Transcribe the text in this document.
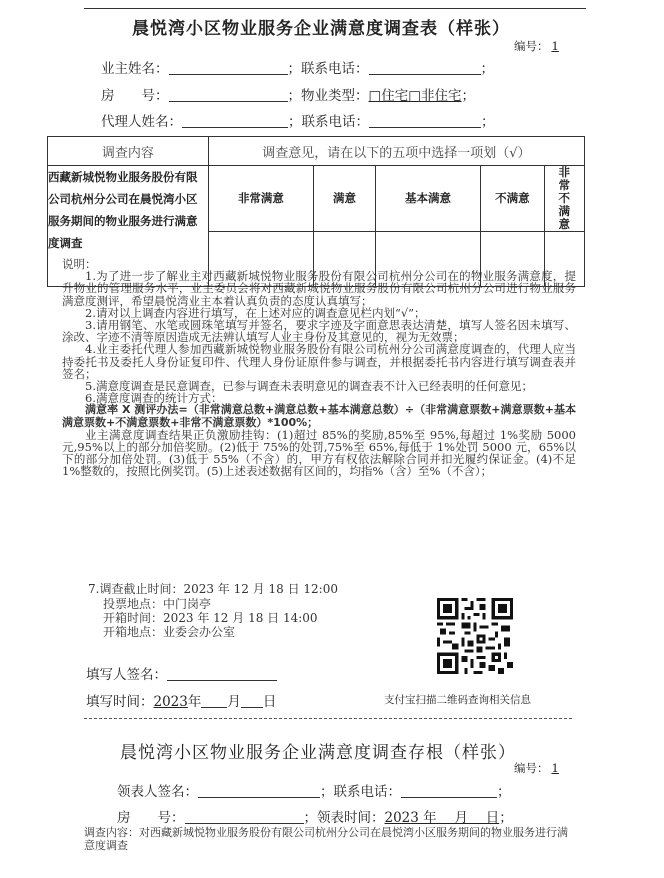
晨悦湾小区物业服务企业满意度调查表（样张）
编号： 1
业主姓名：	；联系电话：	；
房　　号：	；物业类型：□住宅□非住宅；
代理人姓名：	；联系电话：	；
调查内容	调查意见，请在以下的五项中选择一项划（√）				
西藏新城悦物业服务股份有限公司杭州分公司在晨悦湾小区服务期间的物业服务进行满意度调查	非常满意	满意	基本满意	不满意	非常不满意

说明：

1.为了进一步了解业主对西藏新城悦物业服务股份有限公司杭州分公司在的物业服务满意度，提升物业的管理服务水平，业主委员会将对西藏新城悦物业服务股份有限公司杭州分公司进行物业服务满意度测评，希望晨悦湾业主本着认真负责的态度认真填写；

2.请对以上调查内容进行填写，在上述对应的调查意见栏内划“√”；

3.请用钢笔、水笔或圆珠笔填写并签名，要求字迹及字面意思表达清楚，填写人签名因未填写、涂改、字迹不清等原因造成无法辨认填写人业主身份及其意见的，视为无效票；

4.业主委托代理人参加西藏新城悦物业服务股份有限公司杭州分公司满意度调查的，代理人应当持委托书及委托人身份证复印件、代理人身份证原件参与调查，并根据委托书内容进行填写调查表并签名；

5.满意度调查是民意调查，已参与调查未表明意见的调查表不计入已经表明的任何意见；

6.满意度调查的统计方式：

满意率 X 测评办法=（非常满意总数+满意总数+基本满意总数）÷（非常满意票数+满意票数+基本满意票数+不满意票数+非常不满意票数）*100%；

业主满意度调查结果正负激励挂钩：(1)超过 85%的奖励,85%至 95%,每超过 1%奖励 5000 元,95%以上的部分加倍奖励。(2)低于 75%的处罚,75%至 65%,每低于 1%处罚 5000 元，65%以下的部分加倍处罚。(3)低于 55%（不含）的，甲方有权依法解除合同并扣光履约保证金。(4)不足 1%整数的，按照比例奖罚。(5)上述表述数据有区间的，均指%（含）至%（不含）；

7.调查截止时间：2023 年 12 月 18 日 12:00
投票地点：中门岗亭
开箱时间：2023 年 12 月 18 日 14:00
开箱地点：业委会办公室
填写人签名：
填写时间：2023年 月 日	支付宝扫描二维码查询相关信息
晨悦湾小区物业服务企业满意度调查存根（样张）
编号： 1
领表人签名：	；联系电话：	；
房　　号：	；领表时间：2023 年　 月　 日；
调查内容：对西藏新城悦物业服务股份有限公司杭州分公司在晨悦湾小区服务期间的物业服务进行满意度调查
